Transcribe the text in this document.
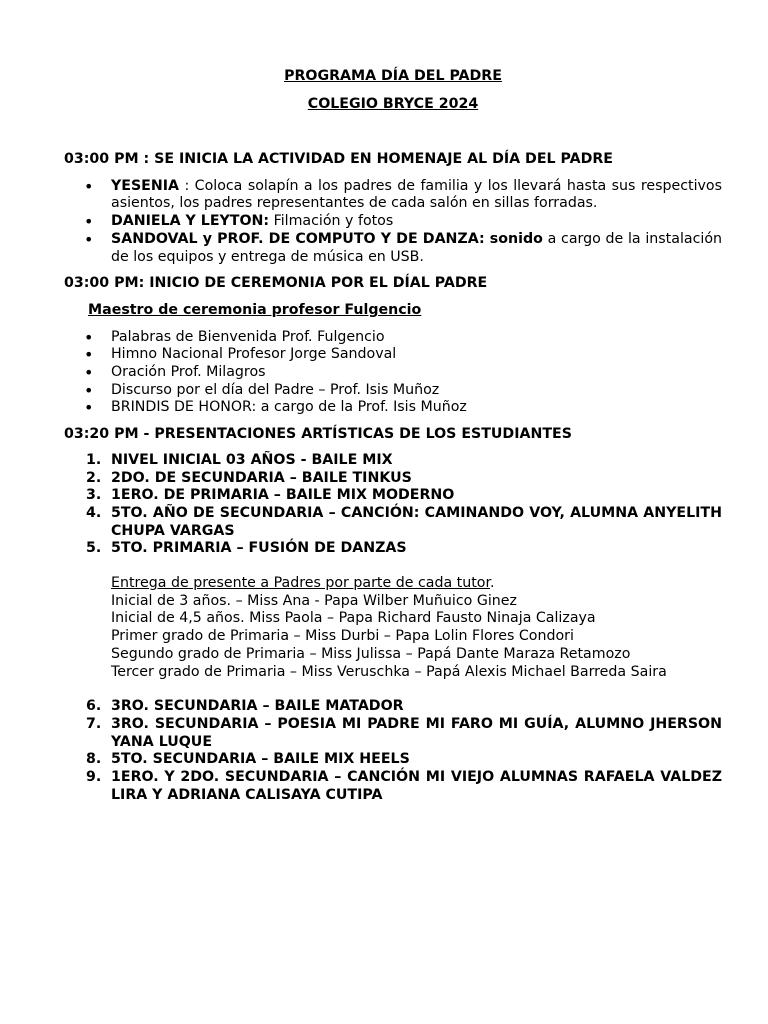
PROGRAMA DÍA DEL PADRE
COLEGIO BRYCE 2024

03:00 PM : SE INICIA LA ACTIVIDAD EN HOMENAJE AL DÍA DEL PADRE

• YESENIA : Coloca solapín a los padres de familia y los llevará hasta sus respectivos asientos, los padres representantes de cada salón en sillas forradas.
• DANIELA Y LEYTON: Filmación y fotos
• SANDOVAL y PROF. DE COMPUTO Y DE DANZA: sonido a cargo de la instalación de los equipos y entrega de música en USB.

03:00 PM: INICIO DE CEREMONIA POR EL DÍAL PADRE

Maestro de ceremonia profesor Fulgencio

• Palabras de Bienvenida Prof. Fulgencio
• Himno Nacional Profesor Jorge Sandoval
• Oración Prof. Milagros
• Discurso por el día del Padre – Prof. Isis Muñoz
• BRINDIS DE HONOR: a cargo de la Prof. Isis Muñoz

03:20 PM - PRESENTACIONES ARTÍSTICAS DE LOS ESTUDIANTES

1. NIVEL INICIAL 03 AÑOS - BAILE MIX
2. 2DO. DE SECUNDARIA – BAILE TINKUS
3. 1ERO. DE PRIMARIA – BAILE MIX MODERNO
4. 5TO. AÑO DE SECUNDARIA – CANCIÓN: CAMINANDO VOY, ALUMNA ANYELITH CHUPA VARGAS
5. 5TO. PRIMARIA – FUSIÓN DE DANZAS

Entrega de presente a Padres por parte de cada tutor.

Inicial de 3 años. – Miss Ana - Papa Wilber Muñuico Ginez

Inicial de 4,5 años. Miss Paola – Papa Richard Fausto Ninaja Calizaya

Primer grado de Primaria – Miss Durbi – Papa Lolin Flores Condori

Segundo grado de Primaria – Miss Julissa – Papá Dante Maraza Retamozo

Tercer grado de Primaria – Miss Veruschka – Papá Alexis Michael Barreda Saira

6. 3RO. SECUNDARIA – BAILE MATADOR
7. 3RO. SECUNDARIA – POESIA MI PADRE MI FARO MI GUÍA, ALUMNO JHERSON YANA LUQUE
8. 5TO. SECUNDARIA – BAILE MIX HEELS
9. 1ERO. Y 2DO. SECUNDARIA – CANCIÓN MI VIEJO ALUMNAS RAFAELA VALDEZ LIRA Y ADRIANA CALISAYA CUTIPA
